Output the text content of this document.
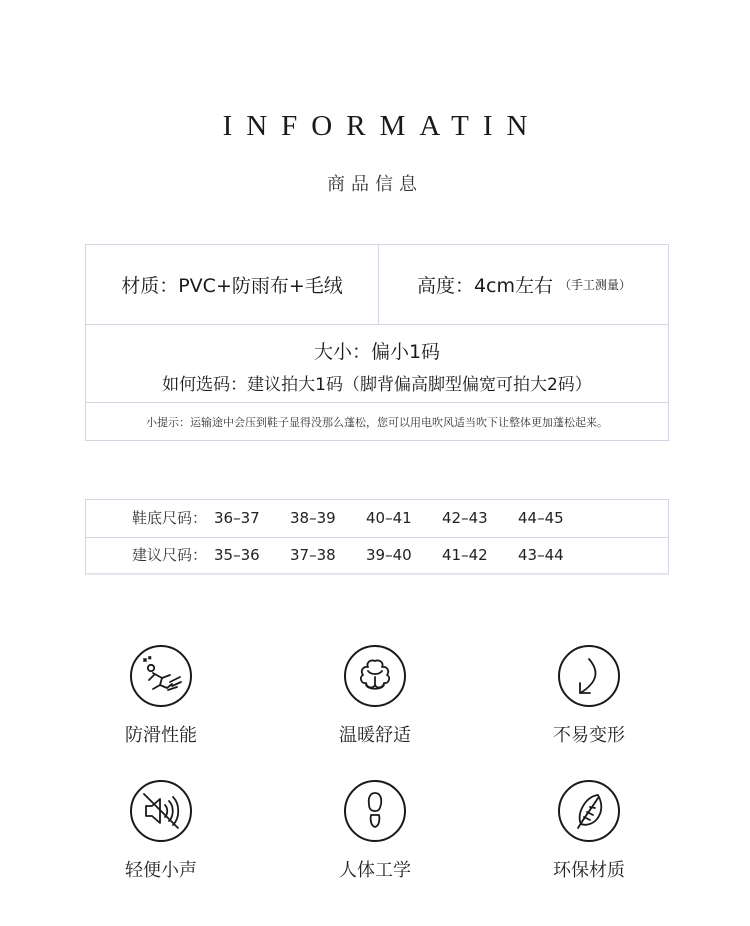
INFORMATIN
商品信息
材质：PVC+防雨布+毛绒	高度：4cm左右 （手工测量）
大小：偏小1码
如何选码：建议拍大1码（脚背偏高脚型偏宽可拍大2码）
小提示：运输途中会压到鞋子显得没那么蓬松，您可以用电吹风适当吹下让整体更加蓬松起来。
鞋底尺码： 36–37 38–39 40–41 42–43 44–45
建议尺码： 35–36 37–38 39–40 41–42 43–44
防滑性能	温暖舒适	不易变形
轻便小声	人体工学	环保材质
